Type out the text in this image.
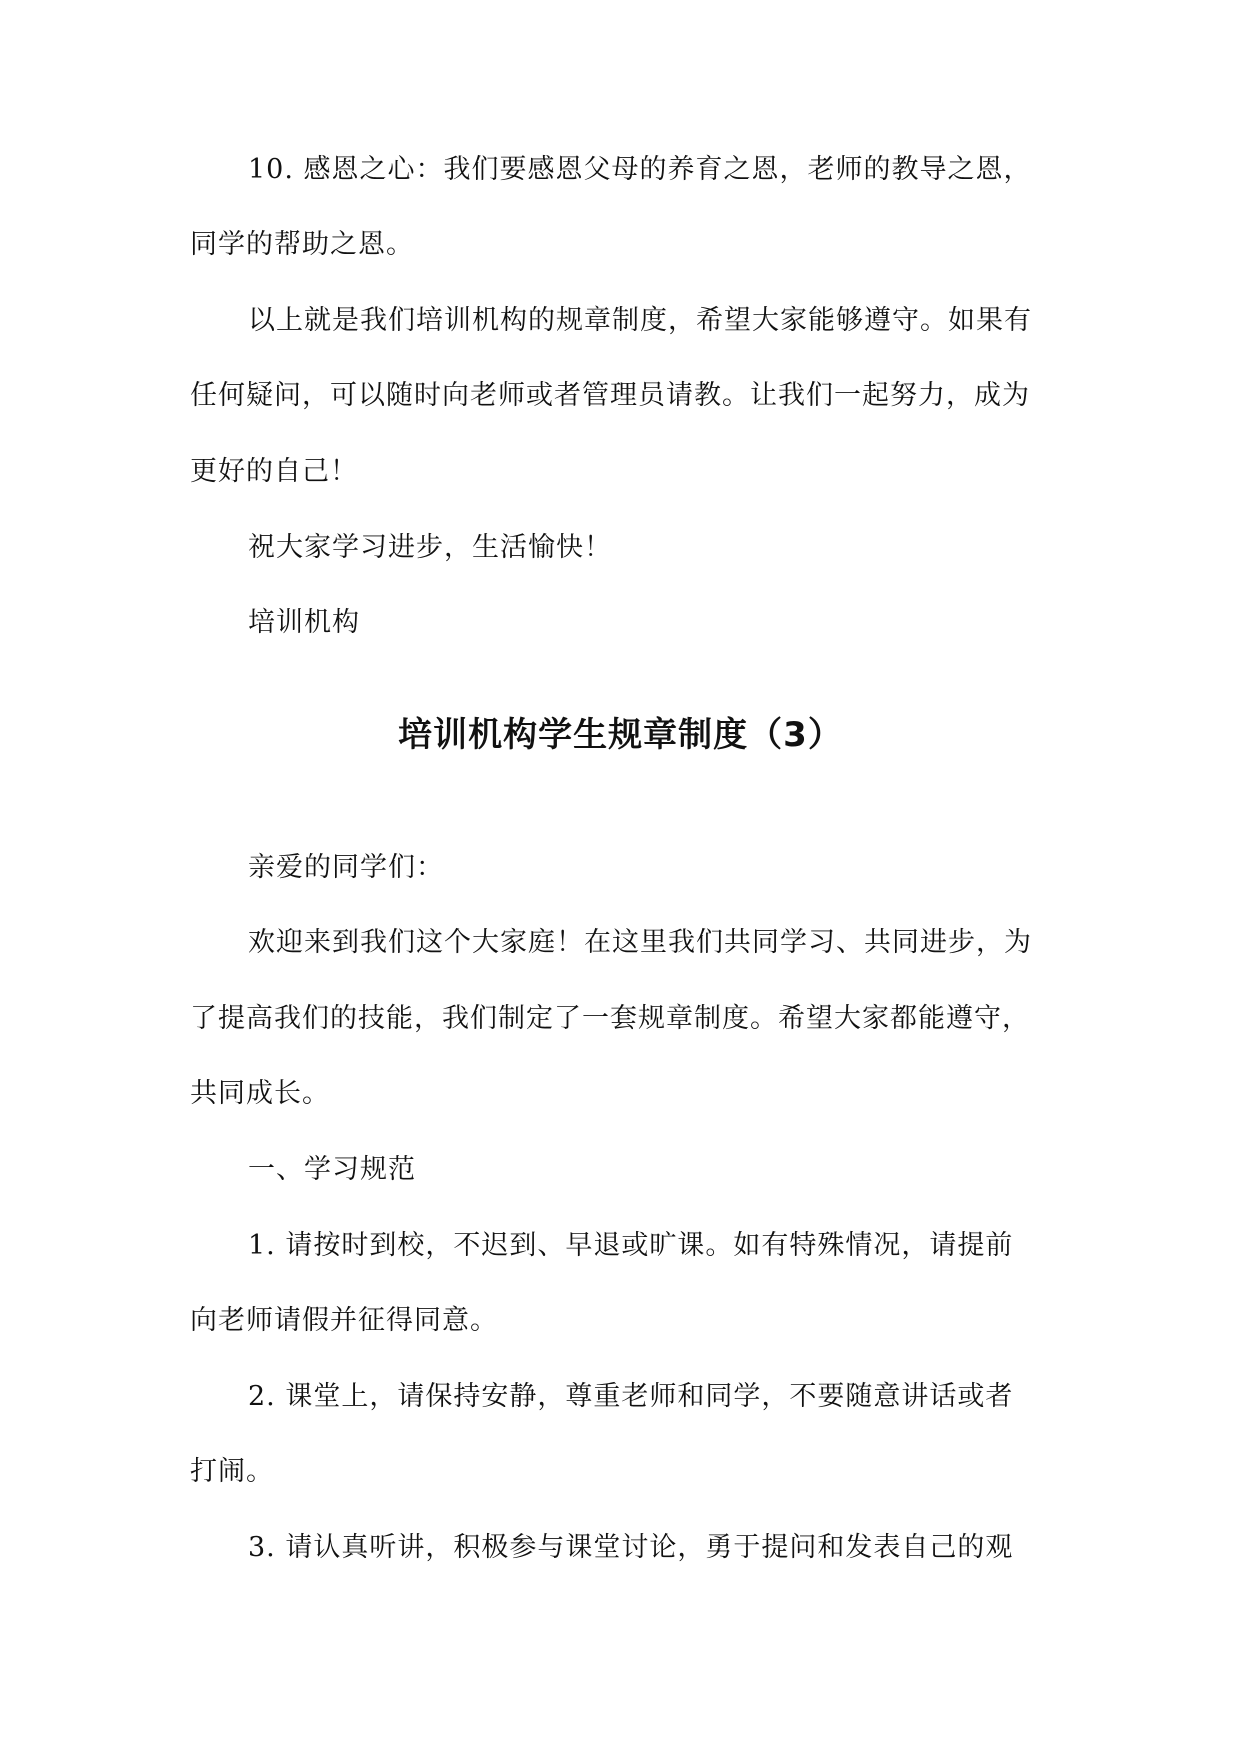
10. 感恩之心：我们要感恩父母的养育之恩，老师的教导之恩，
同学的帮助之恩。
以上就是我们培训机构的规章制度，希望大家能够遵守。如果有
任何疑问，可以随时向老师或者管理员请教。让我们一起努力，成为
更好的自己！
祝大家学习进步，生活愉快！
培训机构
培训机构学生规章制度（3）
亲爱的同学们：
欢迎来到我们这个大家庭！在这里我们共同学习、共同进步，为
了提高我们的技能，我们制定了一套规章制度。希望大家都能遵守，
共同成长。
一、学习规范
1. 请按时到校，不迟到、早退或旷课。如有特殊情况，请提前
向老师请假并征得同意。
2. 课堂上，请保持安静，尊重老师和同学，不要随意讲话或者
打闹。
3. 请认真听讲，积极参与课堂讨论，勇于提问和发表自己的观
